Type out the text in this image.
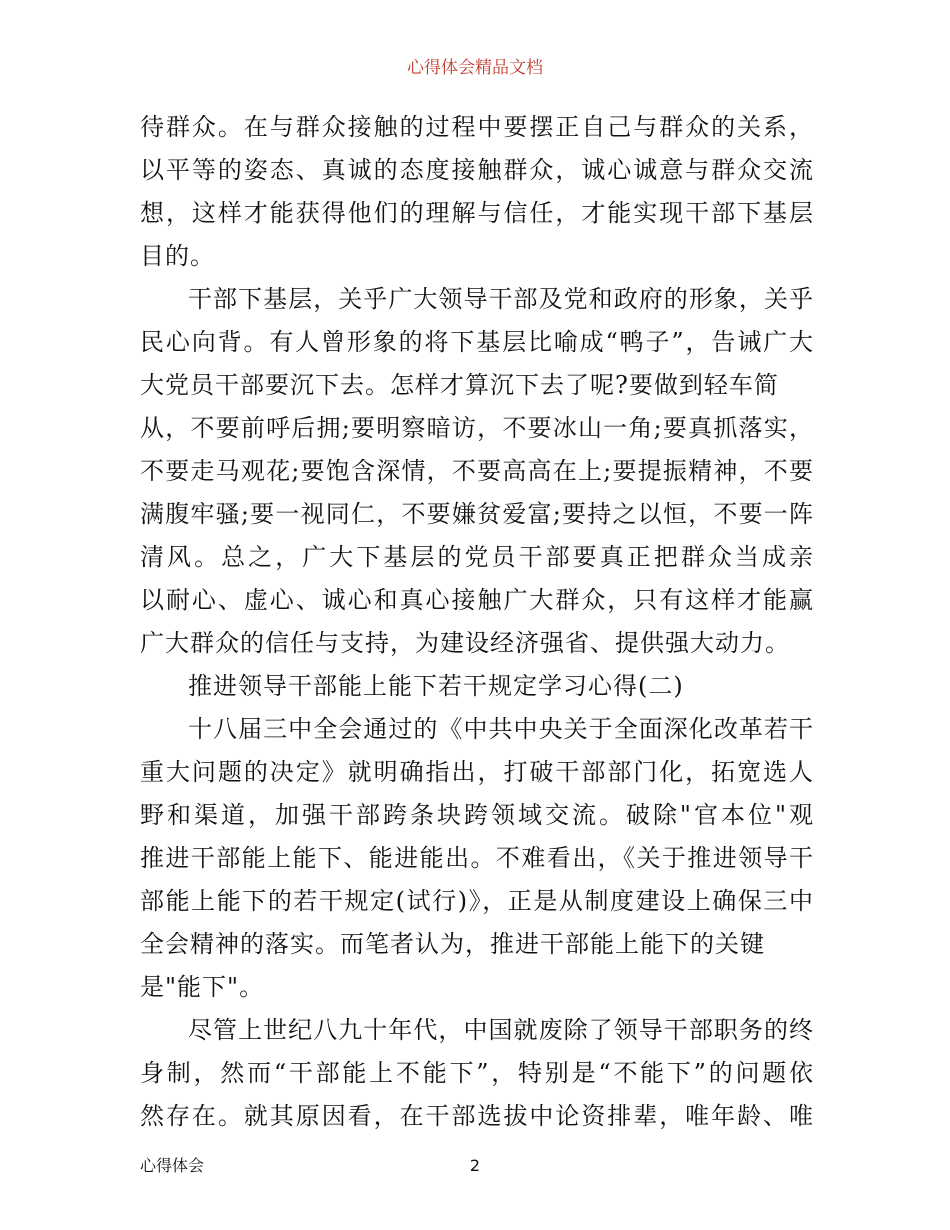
心得体会精品文档
待群众。在与群众接触的过程中要摆正自己与群众的关系，
以平等的姿态、真诚的态度接触群众，诚心诚意与群众交流
想，这样才能获得他们的理解与信任，才能实现干部下基层
目的。
干部下基层，关乎广大领导干部及党和政府的形象，关乎
民心向背。有人曾形象的将下基层比喻成“鸭子”，告诫广大
大党员干部要沉下去。怎样才算沉下去了呢?要做到轻车简
从，不要前呼后拥;要明察暗访，不要冰山一角;要真抓落实，
不要走马观花;要饱含深情，不要高高在上;要提振精神，不要
满腹牢骚;要一视同仁，不要嫌贫爱富;要持之以恒，不要一阵
清风。总之，广大下基层的党员干部要真正把群众当成亲
以耐心、虚心、诚心和真心接触广大群众，只有这样才能赢
广大群众的信任与支持，为建设经济强省、提供强大动力。
推进领导干部能上能下若干规定学习心得(二)
十八届三中全会通过的《中共中央关于全面深化改革若干
重大问题的决定》就明确指出，打破干部部门化，拓宽选人
野和渠道，加强干部跨条块跨领域交流。破除"官本位"观
推进干部能上能下、能进能出。不难看出，《关于推进领导干
部能上能下的若干规定(试行)》，正是从制度建设上确保三中
全会精神的落实。而笔者认为，推进干部能上能下的关键
是"能下"。
尽管上世纪八九十年代，中国就废除了领导干部职务的终
身制，然而“干部能上不能下”，特别是“不能下”的问题依
然存在。就其原因看，在干部选拔中论资排辈，唯年龄、唯
心得体会	2
